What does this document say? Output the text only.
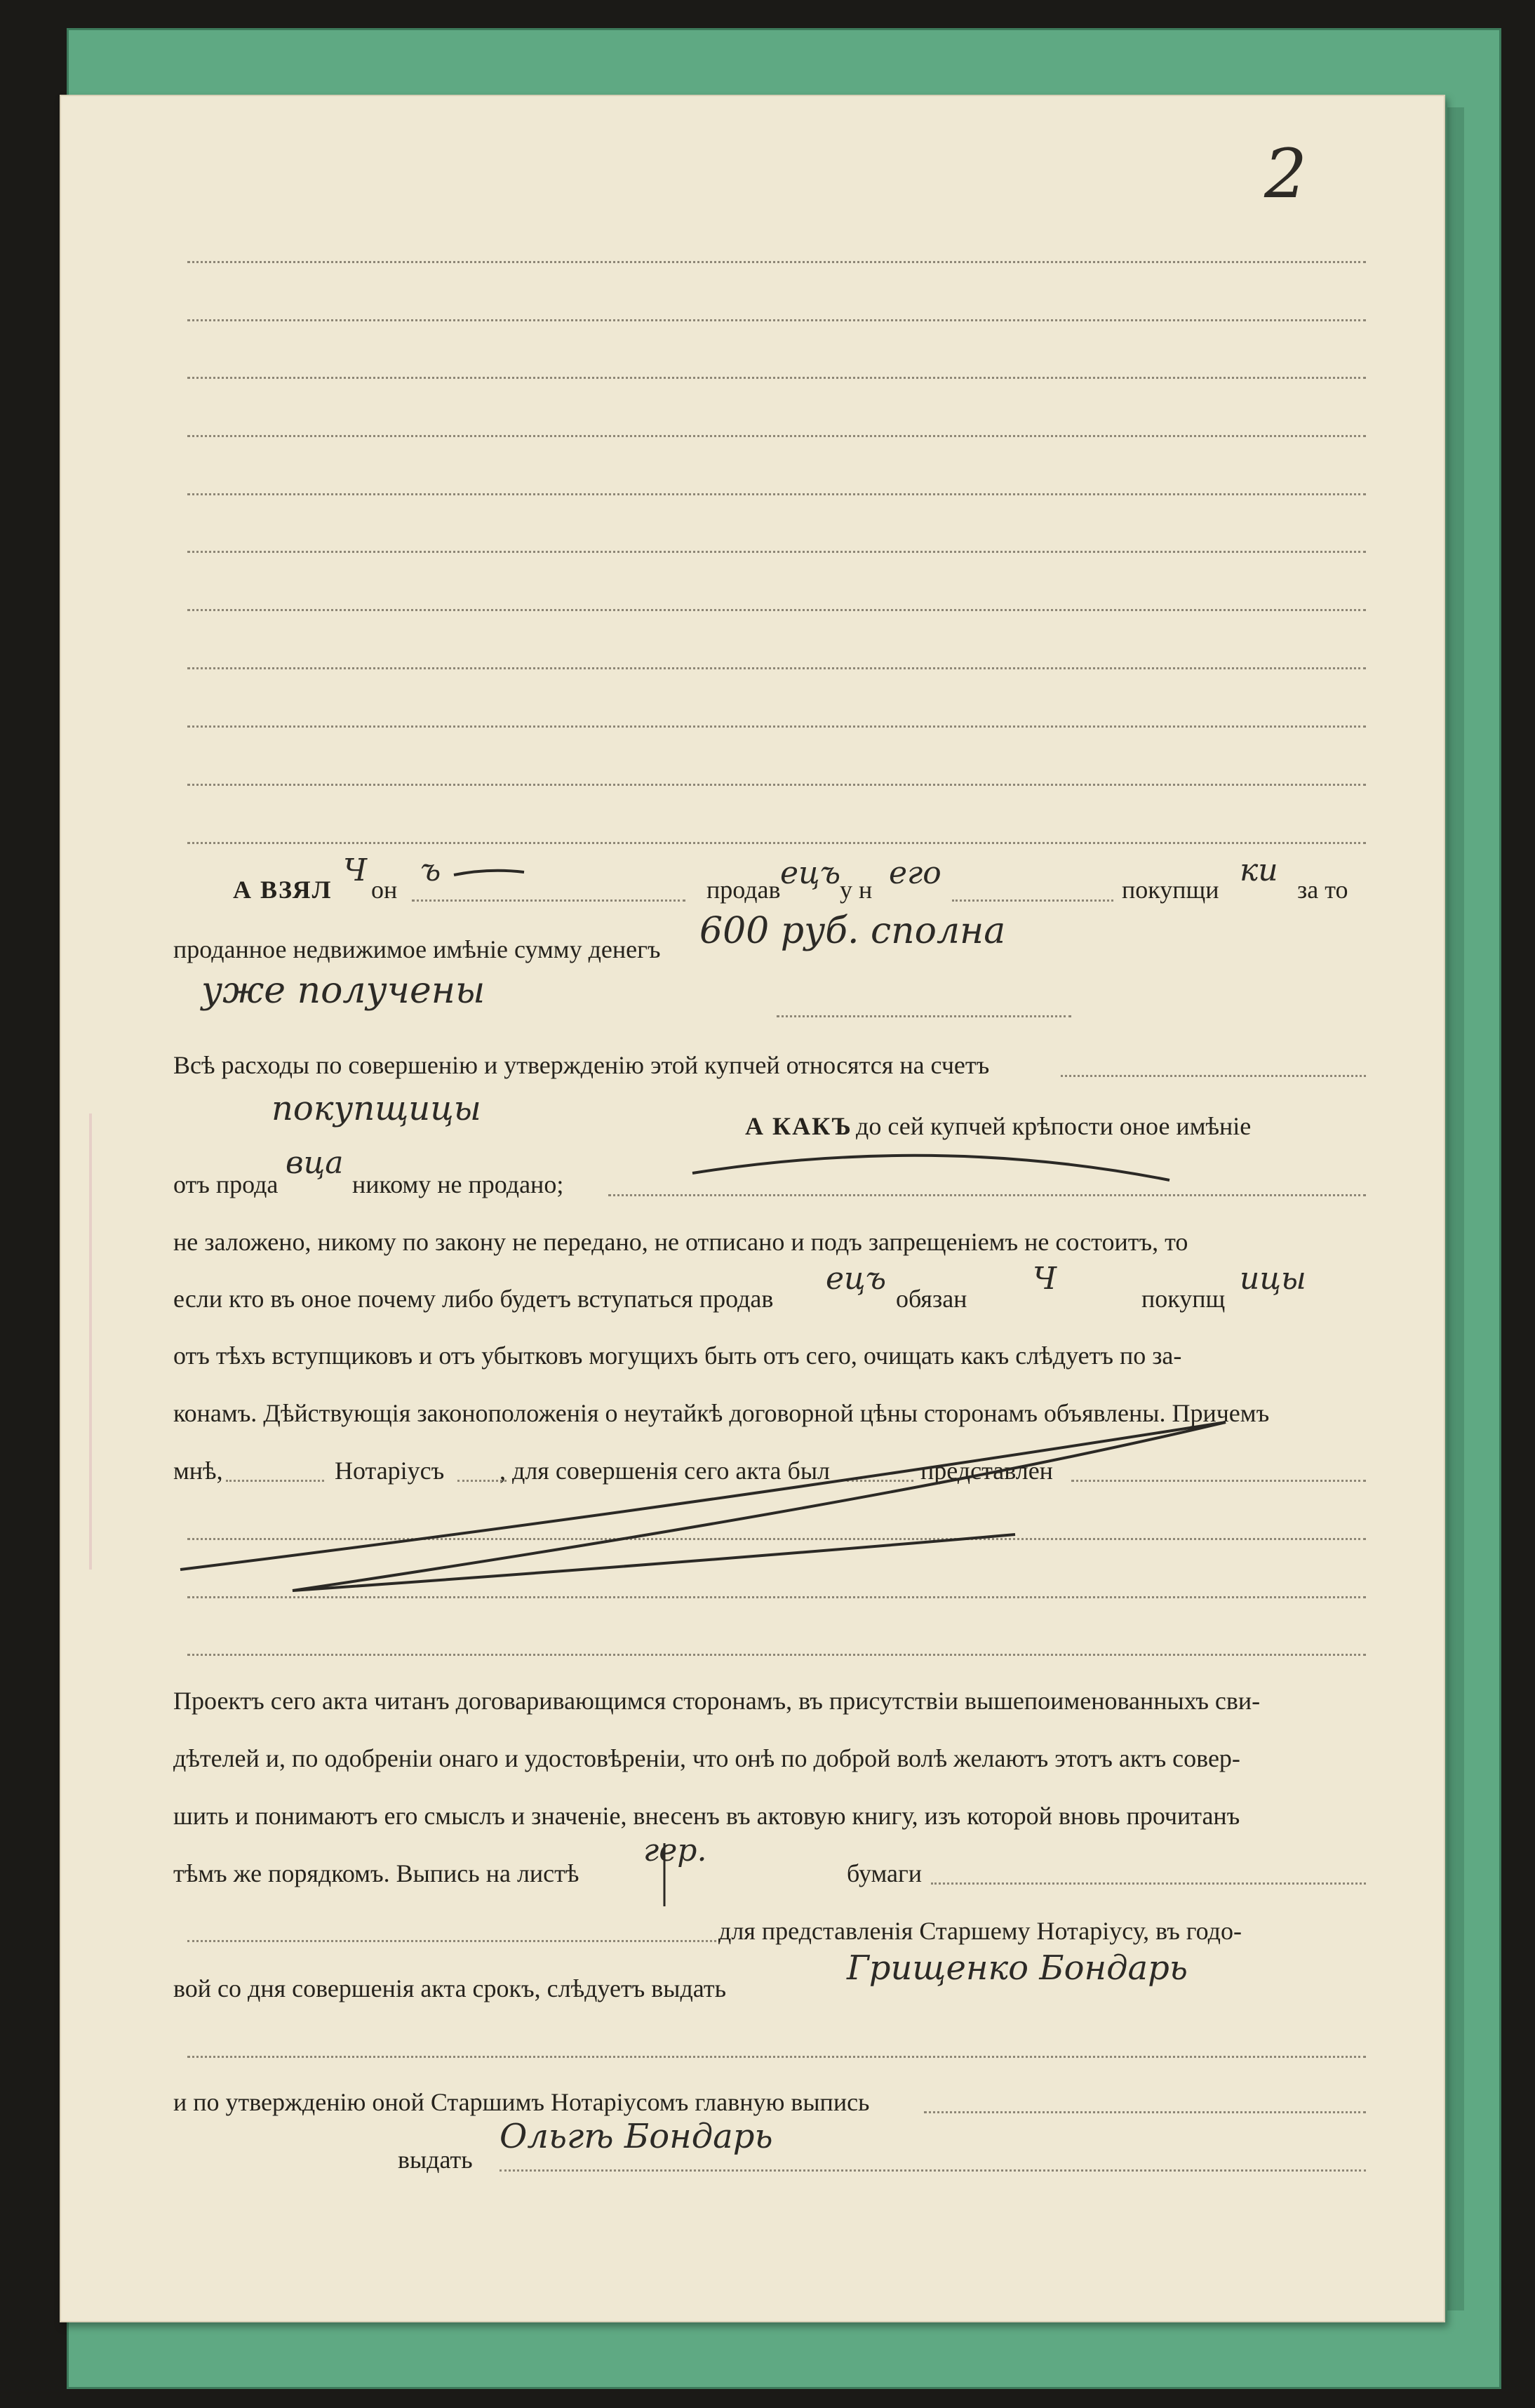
2
А ВЗЯЛ
Ч
он
ъ
продав ецъ
у н его	покупщи
ки
за то
проданное недвижимое имѣніе сумму денегъ 600 руб. сполна
уже получены
Всѣ расходы по совершенію и утвержденію этой купчей относятся на счетъ
покупщицы	А КАКЪ до сей купчей крѣпости оное имѣніе
отъ прода
вца
никому не продано;
не заложено, никому по закону не передано, не отписано и подъ запрещеніемъ не состоитъ, то
если кто въ оное почему либо будетъ вступаться продав
ецъ
обязан
Ч
покупщ
ицы
отъ тѣхъ вступщиковъ и отъ убытковъ могущихъ быть отъ сего, очищать какъ слѣдуетъ по за-
конамъ. Дѣйствующія законоположенія о неутайкѣ договорной цѣны сторонамъ объявлены. Причемъ
мнѣ,	Нотаріусъ , для совершенія сего акта был	представлен
Проектъ сего акта читанъ договаривающимся сторонамъ, въ присутствіи вышепоименованныхъ сви-
дѣтелей и, по одобреніи онаго и удостовѣреніи, что онѣ по доброй волѣ желаютъ этотъ актъ совер-
шить и понимаютъ его смыслъ и значеніе, внесенъ въ актовую книгу, изъ которой вновь прочитанъ
тѣмъ же порядкомъ. Выпись на листѣ
гер.
бумаги
для представленія Старшему Нотаріусу, въ годо-
вой со дня совершенія акта срокъ, слѣдуетъ выдать
Грищенко Бондарь
и по утвержденію оной Старшимъ Нотаріусомъ главную выпись
выдать
Ольгѣ Бондарь
